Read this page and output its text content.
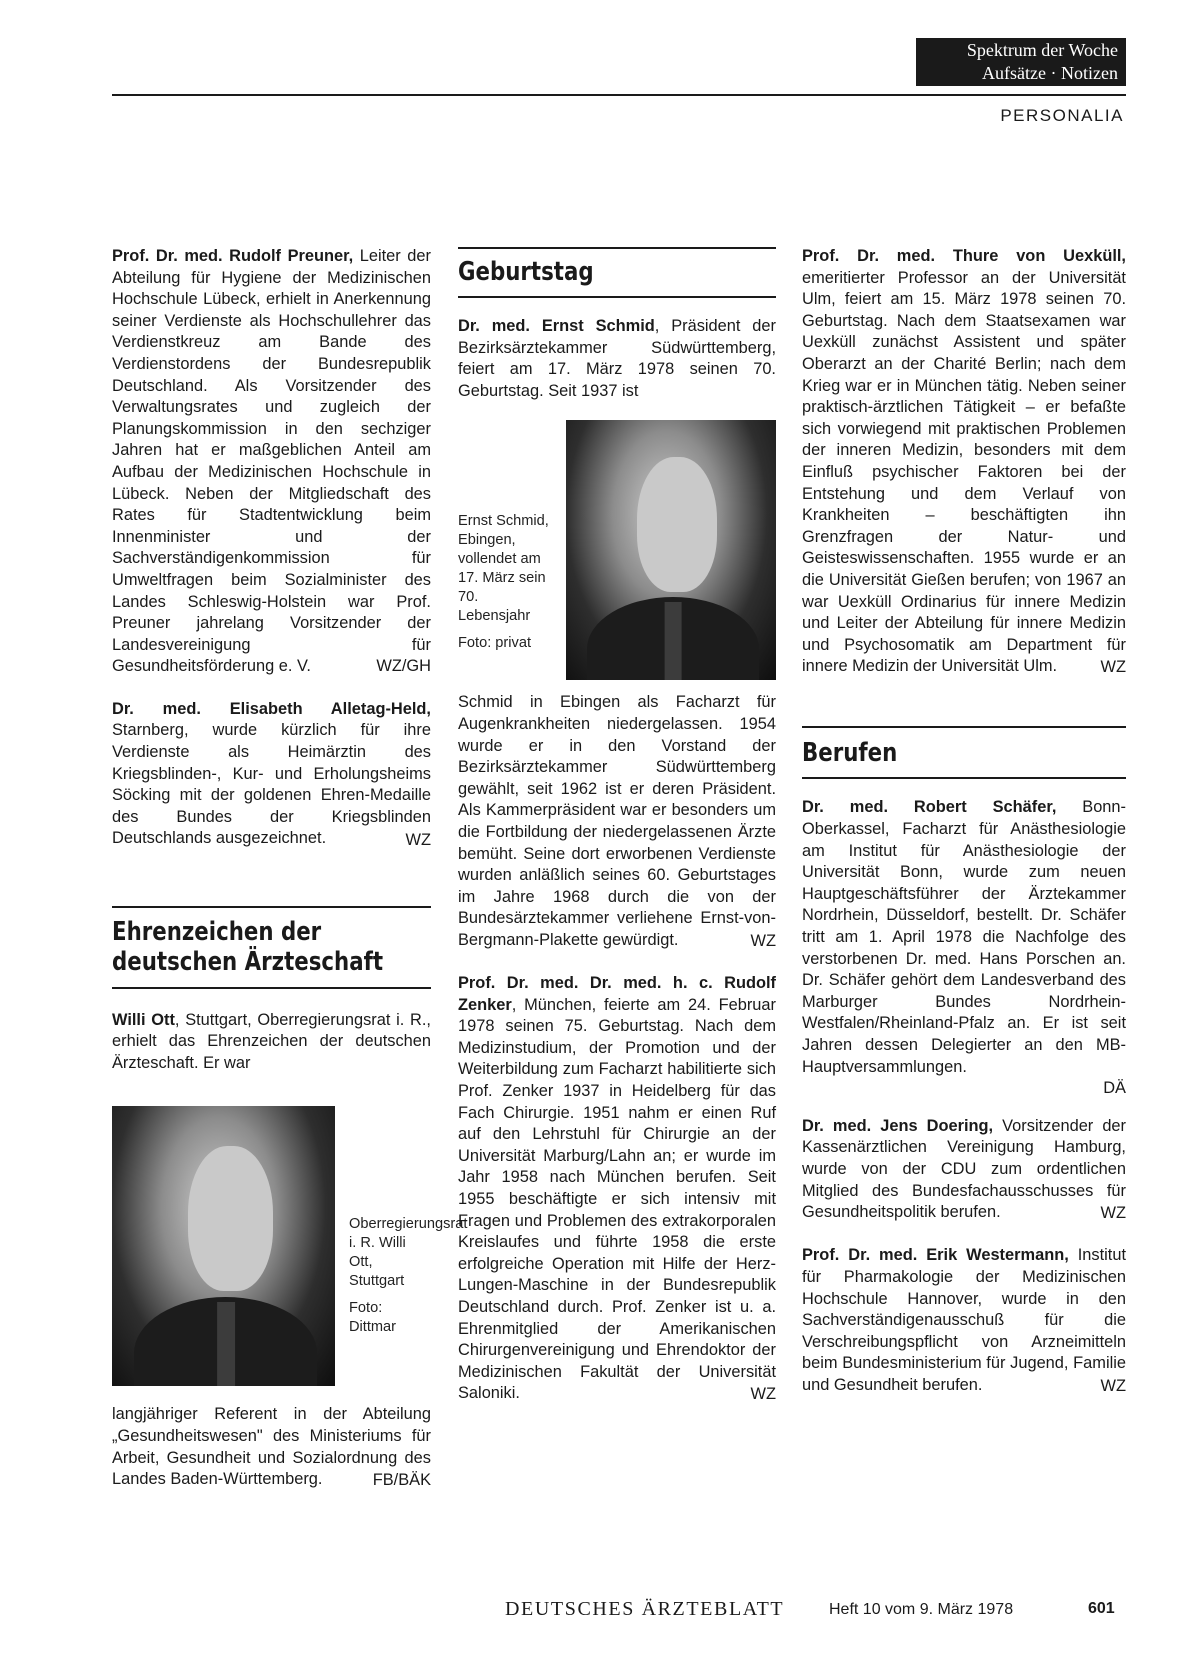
Spektrum der Woche
Aufsätze · Notizen
PERSONALIA

Prof. Dr. med. Rudolf Preuner, Leiter der Abteilung für Hygiene der Medizinischen Hochschule Lübeck, erhielt in Anerkennung seiner Verdienste als Hochschullehrer das Verdienstkreuz am Bande des Verdienstordens der Bundesrepublik Deutschland. Als Vorsitzender des Verwaltungsrates und zugleich der Planungskommission in den sechziger Jahren hat er maßgeblichen Anteil am Aufbau der Medizinischen Hochschule in Lübeck. Neben der Mitgliedschaft des Rates für Stadtentwicklung beim Innenminister und der Sachverständigenkommission für Umweltfragen beim Sozialminister des Landes Schleswig-Holstein war Prof. Preuner jahrelang Vorsitzender der Landesvereinigung für Gesundheitsförderung e. V.	WZ/GH

Dr. med. Elisabeth Alletag-Held, Starnberg, wurde kürzlich für ihre Verdienste als Heimärztin des Kriegsblinden-, Kur- und Erholungsheims Söcking mit der goldenen Ehren-Medaille des Bundes der Kriegsblinden Deutschlands ausgezeichnet.	WZ
Ehrenzeichen der
deutschen Ärzteschaft

Willi Ott, Stuttgart, Oberregierungsrat i. R., erhielt das Ehrenzeichen der deutschen Ärzteschaft. Er war

Oberregierungsrat i. R. Willi Ott, Stuttgart
Foto: Dittmar

langjähriger Referent in der Abteilung „Gesundheitswesen" des Ministeriums für Arbeit, Gesundheit und Sozialordnung des Landes Baden-Württemberg.	FB/BÄK
Geburtstag

Dr. med. Ernst Schmid, Präsident der Bezirksärztekammer Südwürttemberg, feiert am 17. März 1978 seinen 70. Geburtstag. Seit 1937 ist

Ernst Schmid, Ebingen, vollendet am 17. März sein 70. Lebensjahr
Foto: privat

Schmid in Ebingen als Facharzt für Augenkrankheiten niedergelassen. 1954 wurde er in den Vorstand der Bezirksärztekammer Südwürttemberg gewählt, seit 1962 ist er deren Präsident. Als Kammerpräsident war er besonders um die Fortbildung der niedergelassenen Ärzte bemüht. Seine dort erworbenen Verdienste wurden anläßlich seines 60. Geburtstages im Jahre 1968 durch die von der Bundesärztekammer verliehene Ernst-von-Bergmann-Plakette gewürdigt.	WZ

Prof. Dr. med. Dr. med. h. c. Rudolf Zenker, München, feierte am 24. Februar 1978 seinen 75. Geburtstag. Nach dem Medizinstudium, der Promotion und der Weiterbildung zum Facharzt habilitierte sich Prof. Zenker 1937 in Heidelberg für das Fach Chirurgie. 1951 nahm er einen Ruf auf den Lehrstuhl für Chirurgie an der Universität Marburg/Lahn an; er wurde im Jahr 1958 nach München berufen. Seit 1955 beschäftigte er sich intensiv mit Fragen und Problemen des extrakorporalen Kreislaufes und führte 1958 die erste erfolgreiche Operation mit Hilfe der Herz-Lungen-Maschine in der Bundesrepublik Deutschland durch. Prof. Zenker ist u. a. Ehrenmitglied der Amerikanischen Chirurgenvereinigung und Ehrendoktor der Medizinischen Fakultät der Universität Saloniki.	WZ

Prof. Dr. med. Thure von Uexküll, emeritierter Professor an der Universität Ulm, feiert am 15. März 1978 seinen 70. Geburtstag. Nach dem Staatsexamen war Uexküll zunächst Assistent und später Oberarzt an der Charité Berlin; nach dem Krieg war er in München tätig. Neben seiner praktisch-ärztlichen Tätigkeit – er befaßte sich vorwiegend mit praktischen Problemen der inneren Medizin, besonders mit dem Einfluß psychischer Faktoren bei der Entstehung und dem Verlauf von Krankheiten – beschäftigten ihn Grenzfragen der Natur- und Geisteswissenschaften. 1955 wurde er an die Universität Gießen berufen; von 1967 an war Uexküll Ordinarius für innere Medizin und Leiter der Abteilung für innere Medizin und Psychosomatik am Department für innere Medizin der Universität Ulm.	WZ
Berufen

Dr. med. Robert Schäfer, Bonn-Oberkassel, Facharzt für Anästhesiologie am Institut für Anästhesiologie der Universität Bonn, wurde zum neuen Hauptgeschäftsführer der Ärztekammer Nordrhein, Düsseldorf, bestellt. Dr. Schäfer tritt am 1. April 1978 die Nachfolge des verstorbenen Dr. med. Hans Porschen an. Dr. Schäfer gehört dem Landesverband des Marburger Bundes Nordrhein-Westfalen/Rheinland-Pfalz an. Er ist seit Jahren dessen Delegierter an den MB-Hauptversammlungen.

DÄ

Dr. med. Jens Doering, Vorsitzender der Kassenärztlichen Vereinigung Hamburg, wurde von der CDU zum ordentlichen Mitglied des Bundesfachausschusses für Gesundheitspolitik berufen.	WZ

Prof. Dr. med. Erik Westermann, Institut für Pharmakologie der Medizinischen Hochschule Hannover, wurde in den Sachverständigenausschuß für die Verschreibungspflicht von Arzneimitteln beim Bundesministerium für Jugend, Familie und Gesundheit berufen.	WZ
DEUTSCHES ÄRZTEBLATT	Heft 10 vom 9. März 1978	601
